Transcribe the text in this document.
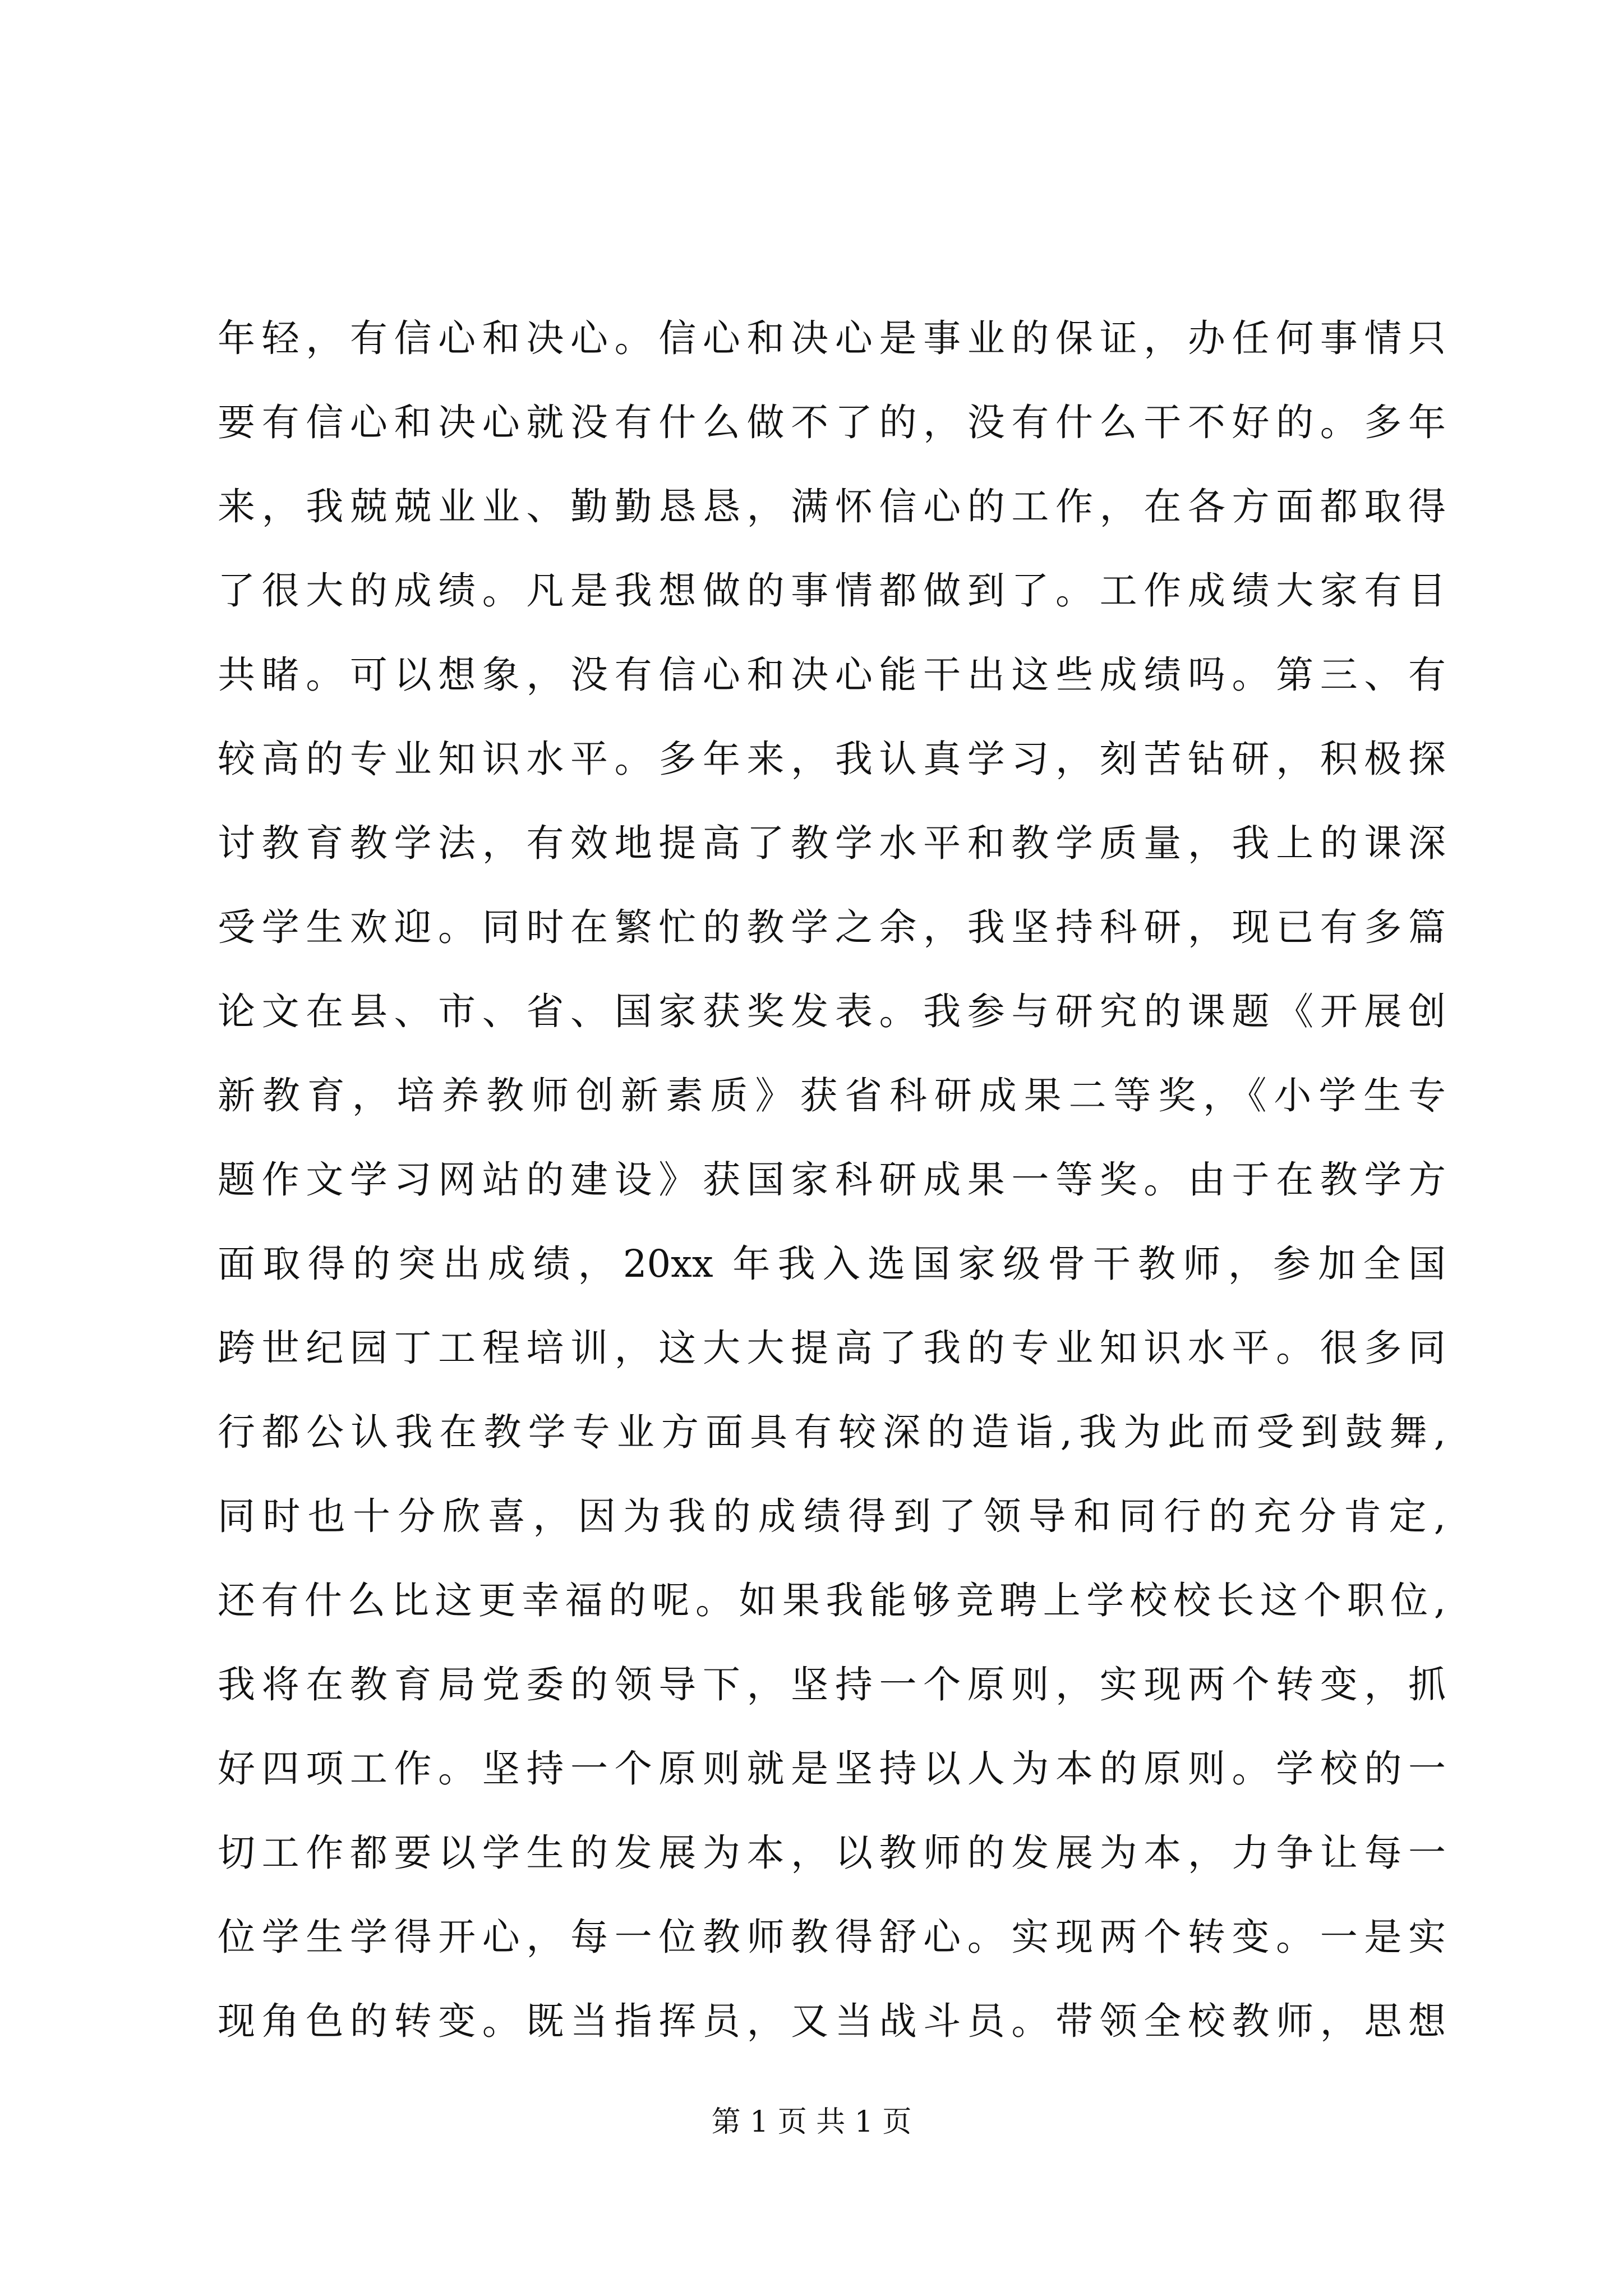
年轻，有信心和决心。信心和决心是事业的保证，办任何事情只
要有信心和决心就没有什么做不了的，没有什么干不好的。多年
来，我兢兢业业、勤勤恳恳，满怀信心的工作，在各方面都取得
了很大的成绩。凡是我想做的事情都做到了。工作成绩大家有目
共睹。可以想象，没有信心和决心能干出这些成绩吗。第三、有
较高的专业知识水平。多年来，我认真学习，刻苦钻研，积极探
讨教育教学法，有效地提高了教学水平和教学质量，我上的课深
受学生欢迎。同时在繁忙的教学之余，我坚持科研，现已有多篇
论文在县、市、省、国家获奖发表。我参与研究的课题《开展创
新教育，培养教师创新素质》获省科研成果二等奖，《小学生专
题作文学习网站的建设》获国家科研成果一等奖。由于在教学方
面取得的突出成绩，20xx 年我入选国家级骨干教师，参加全国
跨世纪园丁工程培训，这大大提高了我的专业知识水平。很多同
行都公认我在教学专业方面具有较深的造诣,我为此而受到鼓舞,
同时也十分欣喜，因为我的成绩得到了领导和同行的充分肯定,
还有什么比这更幸福的呢。如果我能够竞聘上学校校长这个职位,
我将在教育局党委的领导下，坚持一个原则，实现两个转变，抓
好四项工作。坚持一个原则就是坚持以人为本的原则。学校的一
切工作都要以学生的发展为本，以教师的发展为本，力争让每一
位学生学得开心，每一位教师教得舒心。实现两个转变。一是实
现角色的转变。既当指挥员，又当战斗员。带领全校教师，思想
第 1 页 共 1 页
